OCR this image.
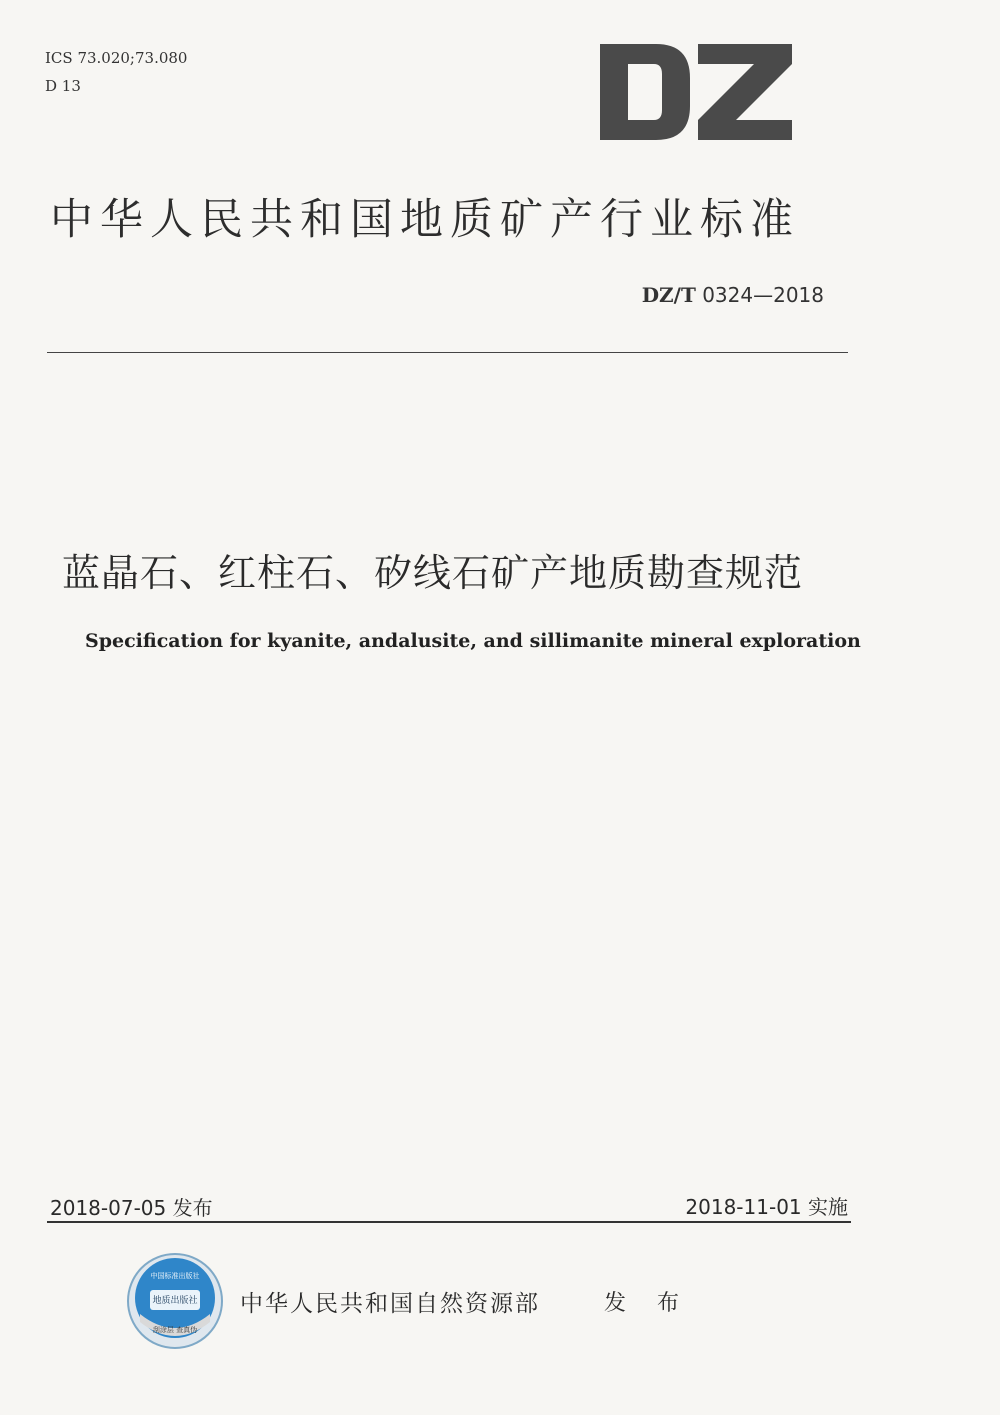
ICS 73.020;73.080
D 13
中华人民共和国地质矿产行业标准
DZ/T 0324—2018
蓝晶石、红柱石、矽线石矿产地质勘查规范
Specification for kyanite, andalusite, and sillimanite mineral exploration
2018-07-05 发布	2018-11-01 实施
中国标准出版社
地质出版社
刮涂层 查真伪
中华人民共和国自然资源部	发 布
